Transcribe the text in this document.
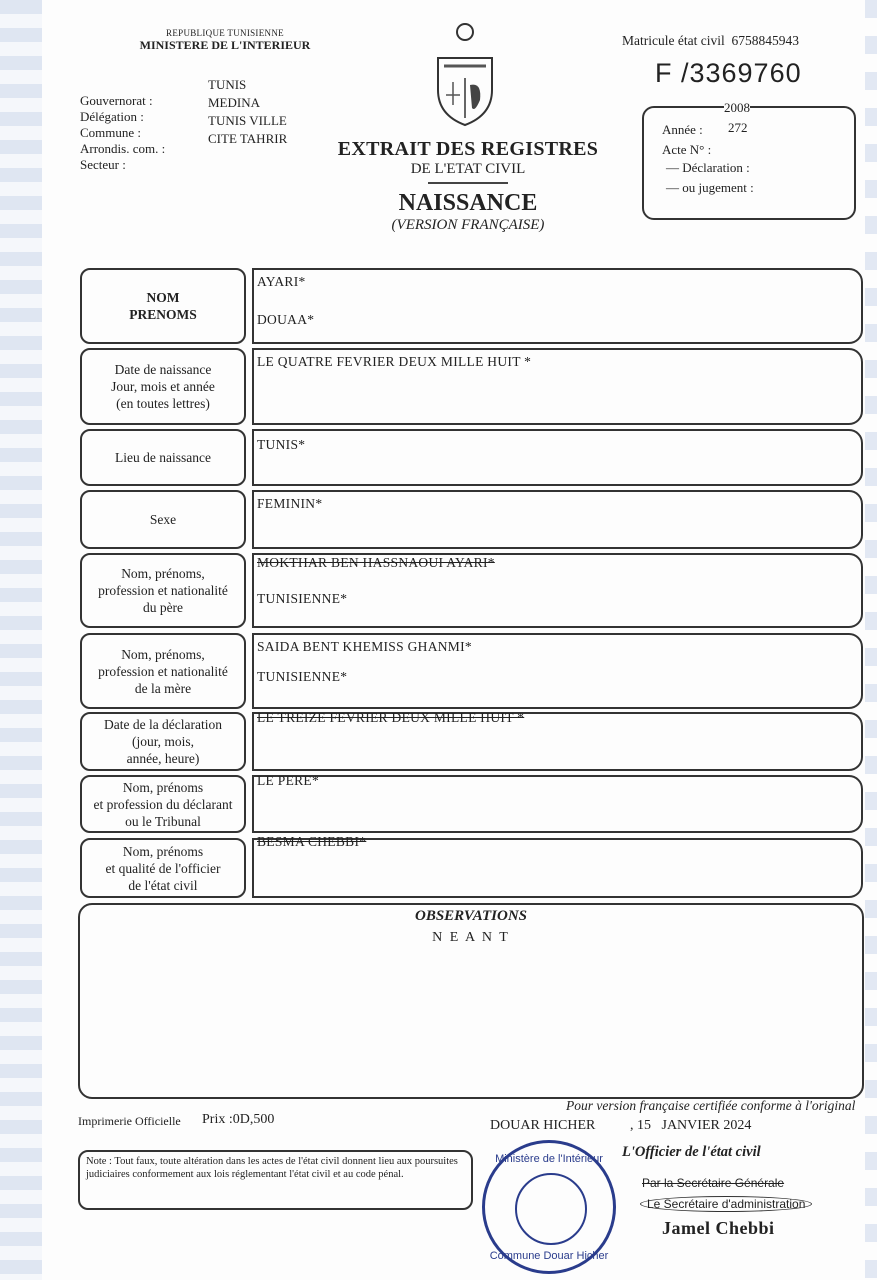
REPUBLIQUE TUNISIENNE
MINISTERE DE L'INTERIEUR
Gouvernorat :
Délégation :
Commune :
Arrondis. com. :
Secteur :
TUNIS
MEDINA
TUNIS VILLE
CITE TAHRIR	EXTRAIT DES REGISTRES
DE L'ETAT CIVIL
NAISSANCE
(VERSION FRANÇAISE)
Matricule état civil 6758845943
F /3369760
2008
Année : 272
Acte N° :
— Déclaration :
— ou jugement :
NOM
PRENOMS
AYARI*
DOUAA*
Date de naissance
Jour, mois et année
(en toutes lettres)
LE QUATRE FEVRIER DEUX MILLE HUIT *
Lieu de naissance
TUNIS*
Sexe
FEMININ*
Nom, prénoms,
profession et nationalité
du père
MOKTHAR BEN HASSNAOUI AYARI*
TUNISIENNE*
Nom, prénoms,
profession et nationalité
de la mère
SAIDA BENT KHEMISS GHANMI*
TUNISIENNE*
Date de la déclaration
(jour, mois,
année, heure)
LE TREIZE FEVRIER DEUX MILLE HUIT *
Nom, prénoms
et profession du déclarant
ou le Tribunal
LE PERE*
Nom, prénoms
et qualité de l'officier
de l'état civil
BESMA CHEBBI*
OBSERVATIONS
N E A N T
Imprimerie Officielle Prix :0D,500
Pour version française certifiée conforme à l'original
DOUAR HICHER , 15   JANVIER 2024
Note : Tout faux, toute altération dans les actes de l'état civil donnent lieu aux poursuites judiciaires conformement aux lois réglementant l'état civil et au code pénal.
L'Officier de l'état civil
Par la Secrétaire Générale
Le Secrétaire d'administration
Jamel Chebbi
Ministère de l'Intérieur
Commune Douar Hicher
